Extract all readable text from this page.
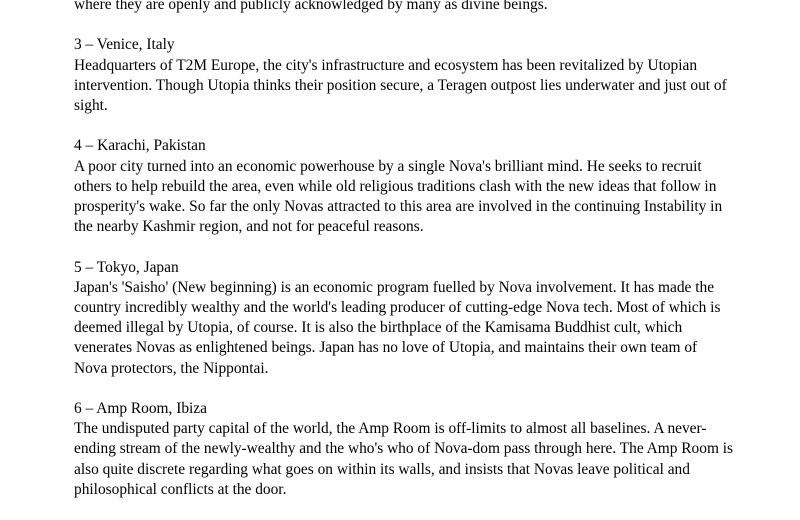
where they are openly and publicly acknowledged by many as divine beings.

3 – Venice, Italy
Headquarters of T2M Europe, the city's infrastructure and ecosystem has been revitalized by Utopian intervention. Though Utopia thinks their position secure, a Teragen outpost lies underwater and just out of sight.
4 – Karachi, Pakistan
A poor city turned into an economic powerhouse by a single Nova's brilliant mind. He seeks to recruit others to help rebuild the area, even while old religious traditions clash with the new ideas that follow in prosperity's wake. So far the only Novas attracted to this area are involved in the continuing Instability in the nearby Kashmir region, and not for peaceful reasons.
5 – Tokyo, Japan
Japan's 'Saisho' (New beginning) is an economic program fuelled by Nova involvement. It has made the country incredibly wealthy and the world's leading producer of cutting-edge Nova tech. Most of which is deemed illegal by Utopia, of course. It is also the birthplace of the Kamisama Buddhist cult, which venerates Novas as enlightened beings. Japan has no love of Utopia, and maintains their own team of Nova protectors, the Nippontai.
6 – Amp Room, Ibiza
The undisputed party capital of the world, the Amp Room is off-limits to almost all baselines. A never-ending stream of the newly-wealthy and the who's who of Nova-dom pass through here. The Amp Room is also quite discrete regarding what goes on within its walls, and insists that Novas leave political and philosophical conflicts at the door.
